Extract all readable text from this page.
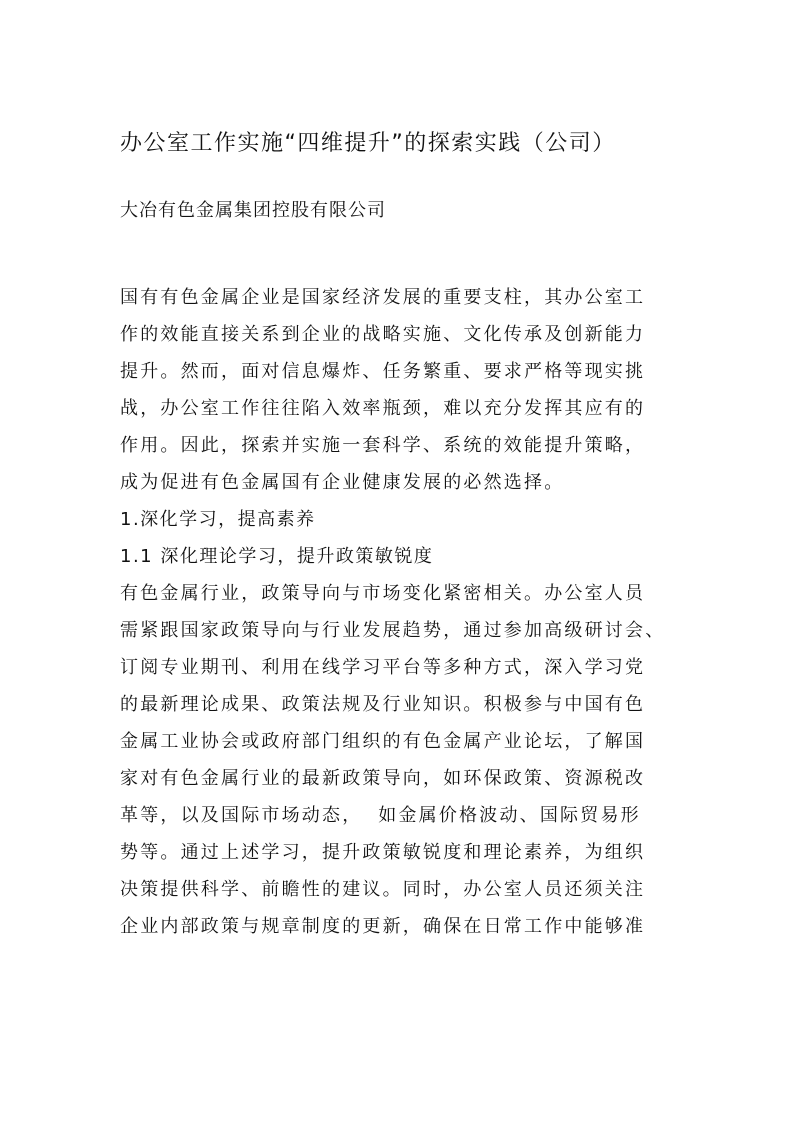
办公室工作实施“四维提升”的探索实践（公司）
大冶有色金属集团控股有限公司
国有有色金属企业是国家经济发展的重要支柱，其办公室工
作的效能直接关系到企业的战略实施、文化传承及创新能力
提升。然而，面对信息爆炸、任务繁重、要求严格等现实挑
战，办公室工作往往陷入效率瓶颈，难以充分发挥其应有的
作用。因此，探索并实施一套科学、系统的效能提升策略，
成为促进有色金属国有企业健康发展的必然选择。
1.深化学习，提高素养
1.1 深化理论学习，提升政策敏锐度
有色金属行业，政策导向与市场变化紧密相关。办公室人员
需紧跟国家政策导向与行业发展趋势，通过参加高级研讨会、
订阅专业期刊、利用在线学习平台等多种方式，深入学习党
的最新理论成果、政策法规及行业知识。积极参与中国有色
金属工业协会或政府部门组织的有色金属产业论坛，了解国
家对有色金属行业的最新政策导向，如环保政策、资源税改
革等，以及国际市场动态，  如金属价格波动、国际贸易形
势等。通过上述学习，提升政策敏锐度和理论素养，为组织
决策提供科学、前瞻性的建议。同时，办公室人员还须关注
企业内部政策与规章制度的更新，确保在日常工作中能够准
